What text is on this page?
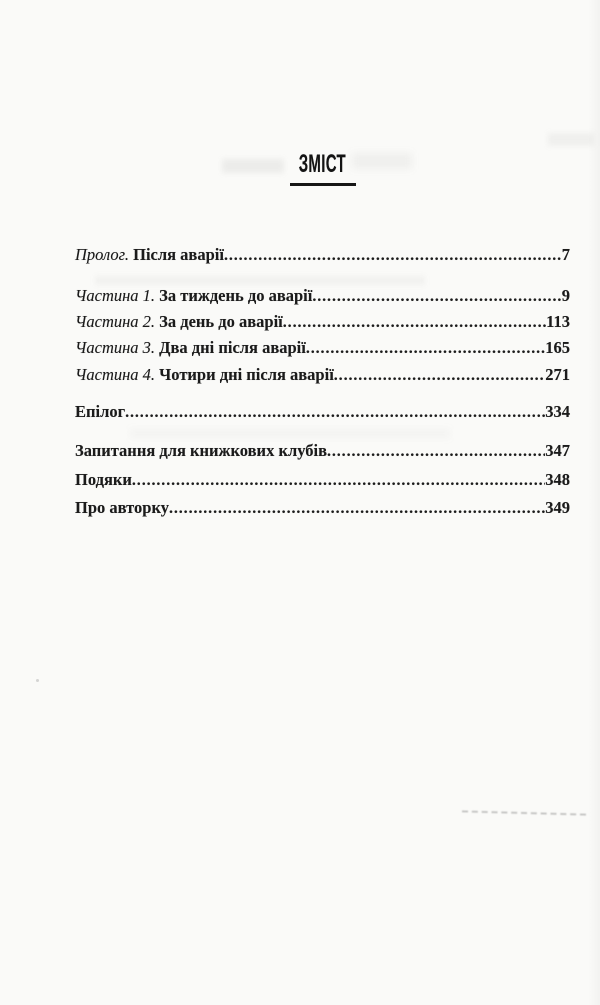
ЗМІСТ
Пролог. Після аварії .....	7
Частина 1. За тиждень до аварії .....	9
Частина 2. За день до аварії .....	113
Частина 3. Два дні після аварії .....	165
Частина 4. Чотири дні після аварії .....	271
Епілог .....	334
Запитання для книжкових клубів .....	347
Подяки .....	348
Про авторку .....	349
